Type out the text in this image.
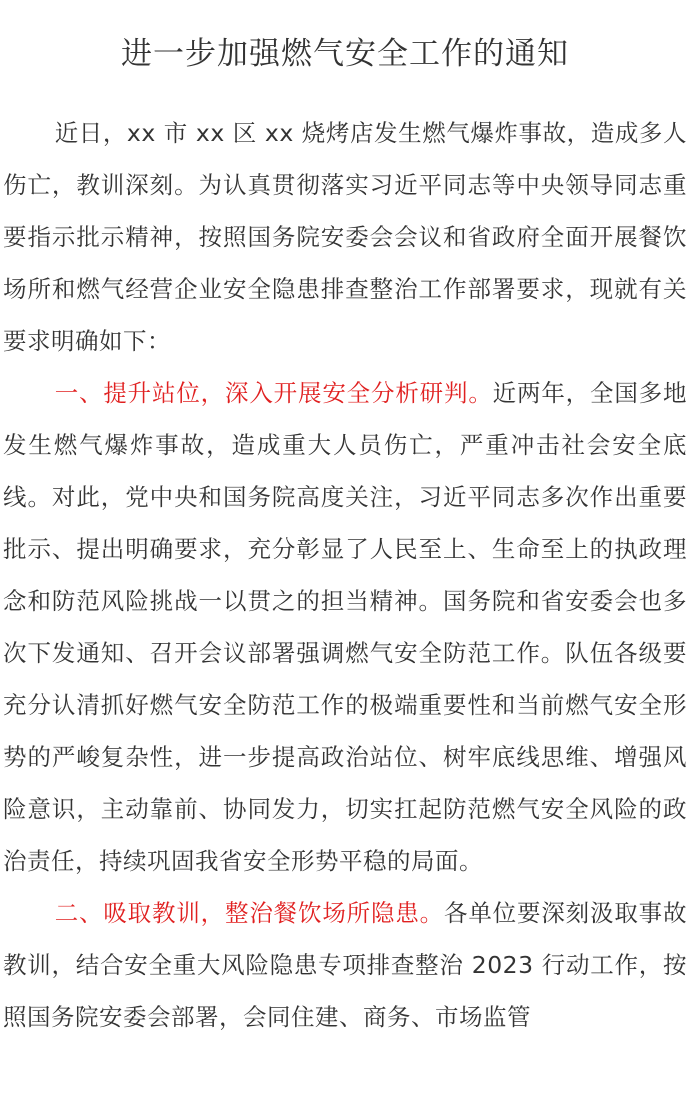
进一步加强燃气安全工作的通知

近日，xx 市 xx 区 xx 烧烤店发生燃气爆炸事故，造成多人伤亡，教训深刻。为认真贯彻落实习近平同志等中央领导同志重要指示批示精神，按照国务院安委会会议和省政府全面开展餐饮场所和燃气经营企业安全隐患排查整治工作部署要求，现就有关要求明确如下：

一、提升站位，深入开展安全分析研判。近两年，全国多地发生燃气爆炸事故，造成重大人员伤亡，严重冲击社会安全底线。对此，党中央和国务院高度关注，习近平同志多次作出重要批示、提出明确要求，充分彰显了人民至上、生命至上的执政理念和防范风险挑战一以贯之的担当精神。国务院和省安委会也多次下发通知、召开会议部署强调燃气安全防范工作。队伍各级要充分认清抓好燃气安全防范工作的极端重要性和当前燃气安全形势的严峻复杂性，进一步提高政治站位、树牢底线思维、增强风险意识，主动靠前、协同发力，切实扛起防范燃气安全风险的政治责任，持续巩固我省安全形势平稳的局面。

二、吸取教训，整治餐饮场所隐患。各单位要深刻汲取事故教训，结合安全重大风险隐患专项排查整治 2023 行动工作，按照国务院安委会部署，会同住建、商务、市场监管
